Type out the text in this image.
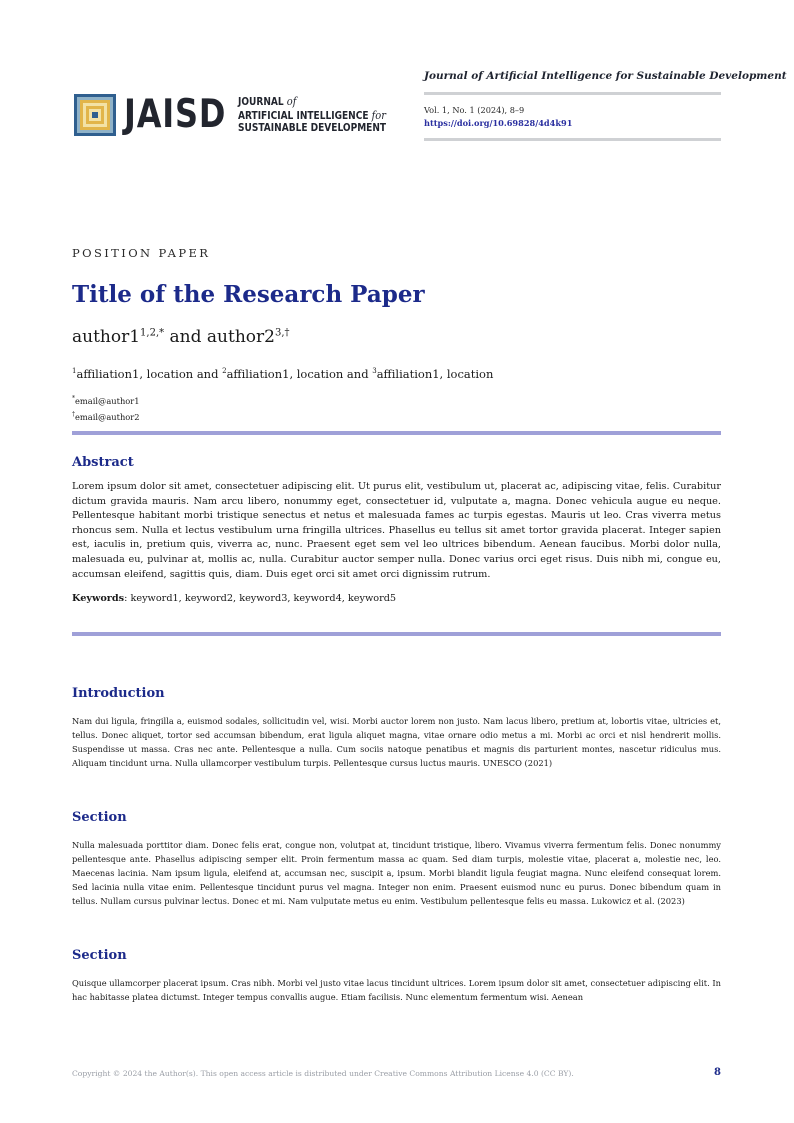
JAISD JOURNAL of
ARTIFICIAL INTELLIGENCE for
SUSTAINABLE DEVELOPMENT
Journal of Artificial Intelligence for Sustainable Development
Vol. 1, No. 1 (2024), 8–9
https://doi.org/10.69828/4d4k91
POSITION PAPER
Title of the Research Paper
$author1^{1,2,*}$ and $author2^{3,\dagger}$
$^1$affiliation1, location and $^2$affiliation1, location and $^3$affiliation1, location
*email@author1
†email@author2
Abstract
Lorem ipsum dolor sit amet, consectetuer adipiscing elit. Ut purus elit, vestibulum ut, placerat ac, adipiscing vitae, felis. Curabitur dictum gravida mauris. Nam arcu libero, nonummy eget, consectetuer id, vulputate a, magna. Donec vehicula augue eu neque. Pellentesque habitant morbi tristique senectus et netus et malesuada fames ac turpis egestas. Mauris ut leo. Cras viverra metus rhoncus sem. Nulla et lectus vestibulum urna fringilla ultrices. Phasellus eu tellus sit amet tortor gravida placerat. Integer sapien est, iaculis in, pretium quis, viverra ac, nunc. Praesent eget sem vel leo ultrices bibendum. Aenean faucibus. Morbi dolor nulla, malesuada eu, pulvinar at, mollis ac, nulla. Curabitur auctor semper nulla. Donec varius orci eget risus. Duis nibh mi, congue eu, accumsan eleifend, sagittis quis, diam. Duis eget orci sit amet orci dignissim rutrum.
Keywords: keyword1, keyword2, keyword3, keyword4, keyword5
Introduction
Nam dui ligula, fringilla a, euismod sodales, sollicitudin vel, wisi. Morbi auctor lorem non justo. Nam lacus libero, pretium at, lobortis vitae, ultricies et, tellus. Donec aliquet, tortor sed accumsan bibendum, erat ligula aliquet magna, vitae ornare odio metus a mi. Morbi ac orci et nisl hendrerit mollis. Suspendisse ut massa. Cras nec ante. Pellentesque a nulla. Cum sociis natoque penatibus et magnis dis parturient montes, nascetur ridiculus mus. Aliquam tincidunt urna. Nulla ullamcorper vestibulum turpis. Pellentesque cursus luctus mauris. UNESCO (2021)
Section
Nulla malesuada porttitor diam. Donec felis erat, congue non, volutpat at, tincidunt tristique, libero. Vivamus viverra fermentum felis. Donec nonummy pellentesque ante. Phasellus adipiscing semper elit. Proin fermentum massa ac quam. Sed diam turpis, molestie vitae, placerat a, molestie nec, leo. Maecenas lacinia. Nam ipsum ligula, eleifend at, accumsan nec, suscipit a, ipsum. Morbi blandit ligula feugiat magna. Nunc eleifend consequat lorem. Sed lacinia nulla vitae enim. Pellentesque tincidunt purus vel magna. Integer non enim. Praesent euismod nunc eu purus. Donec bibendum quam in tellus. Nullam cursus pulvinar lectus. Donec et mi. Nam vulputate metus eu enim. Vestibulum pellentesque felis eu massa. Lukowicz et al. (2023)
Section
Quisque ullamcorper placerat ipsum. Cras nibh. Morbi vel justo vitae lacus tincidunt ultrices. Lorem ipsum dolor sit amet, consectetuer adipiscing elit. In hac habitasse platea dictumst. Integer tempus convallis augue. Etiam facilisis. Nunc elementum fermentum wisi. Aenean
Copyright © 2024 the Author(s). This open access article is distributed under Creative Commons Attribution License 4.0 (CC BY).	8
